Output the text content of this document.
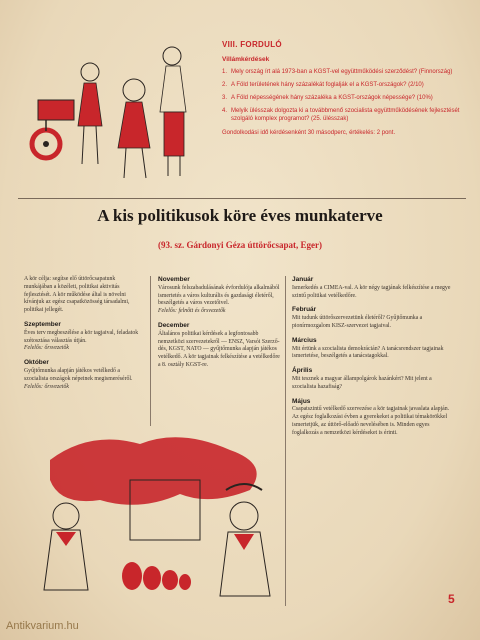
VIII. FORDULÓ
Villámkérdések
1. Mely ország írt alá 1973-ban a KGST-vel együttműködési szerződést? (Finnország)
2. A Föld területének hány százalékát foglalják el a KGST-országok? (2/10)
3. A Föld népességének hány százaléka a KGST-országok népessége? (10%)
4. Melyik ülésszak dolgozta ki a továbbmenő szocialista együttműködésének fejlesztését szolgáló komplex programot? (25. ülésszak)
Gondolkodási idő kérdésenként 30 másodperc, értékelés: 2 pont.
A kis politikusok köre éves munkaterve
(93. sz. Gárdonyi Géza úttörőcsapat, Eger)
A kör célja: segítse elő úttörőcsapatunk munkájában a közéleti, politikai aktivitás fejlesztését. A kör működése által is növelni kívánjuk az egész csapatközösség társadalmi, politikai jellegét.
Szeptember
Éves terv megbeszélése a kör tagjaival, feladatok szétosztása választás útján.
Felelős: őrsvezetők
Október
Gyűjtőmunka alapján játékos vetélkedő a szocialista országok népeinek megismeréséről.
Felelős: őrsvezetők
November
Városunk felszabadulásának évfordulója alkalmából ismertetés a város kulturális és gazdasági életéről, beszélgetés a város vezetőivel.
Felelős: felnőtt és őrsvezetők
December
Általános politikai kérdések a legfontosabb nemzetközi szervezetekről — ENSZ, Varsói Szerződés, KGST, NATO — gyűjtőmunka alapján játékos vetélkedő. A kör tagjainak felkészítése a vetélkedőre a 8. osztály KGST-re.
Január
Ismerkedés a CIMEA-val. A kör négy tagjának felkészítése a megye szintű politikai vetélkedőre.
Február
Mit tudunk úttörőszervezetünk életéről? Gyűjtőmunka a pionírmozgalom KISZ-szervezet tagjaival.
Március
Mit értünk a szocialista demokrácián? A tanácsrendszer tagjainak ismertetése, beszélgetés a tanácstagokkal.
Április
Mit tesznek a magyar állampolgárok hazánkért? Mit jelent a szocialista hazafiság?
Május
Csapatszintű vetélkedő szervezése a kör tagjainak javaslata alapján. Az egész foglalkozási évben a gyerekeket a politikai témakörökkel ismertetjük, az úttörő-előadó nevelésében is. Minden egyes foglalkozás a nemzetközi kérdéseket is érinti.
5
Antikvarium.hu
